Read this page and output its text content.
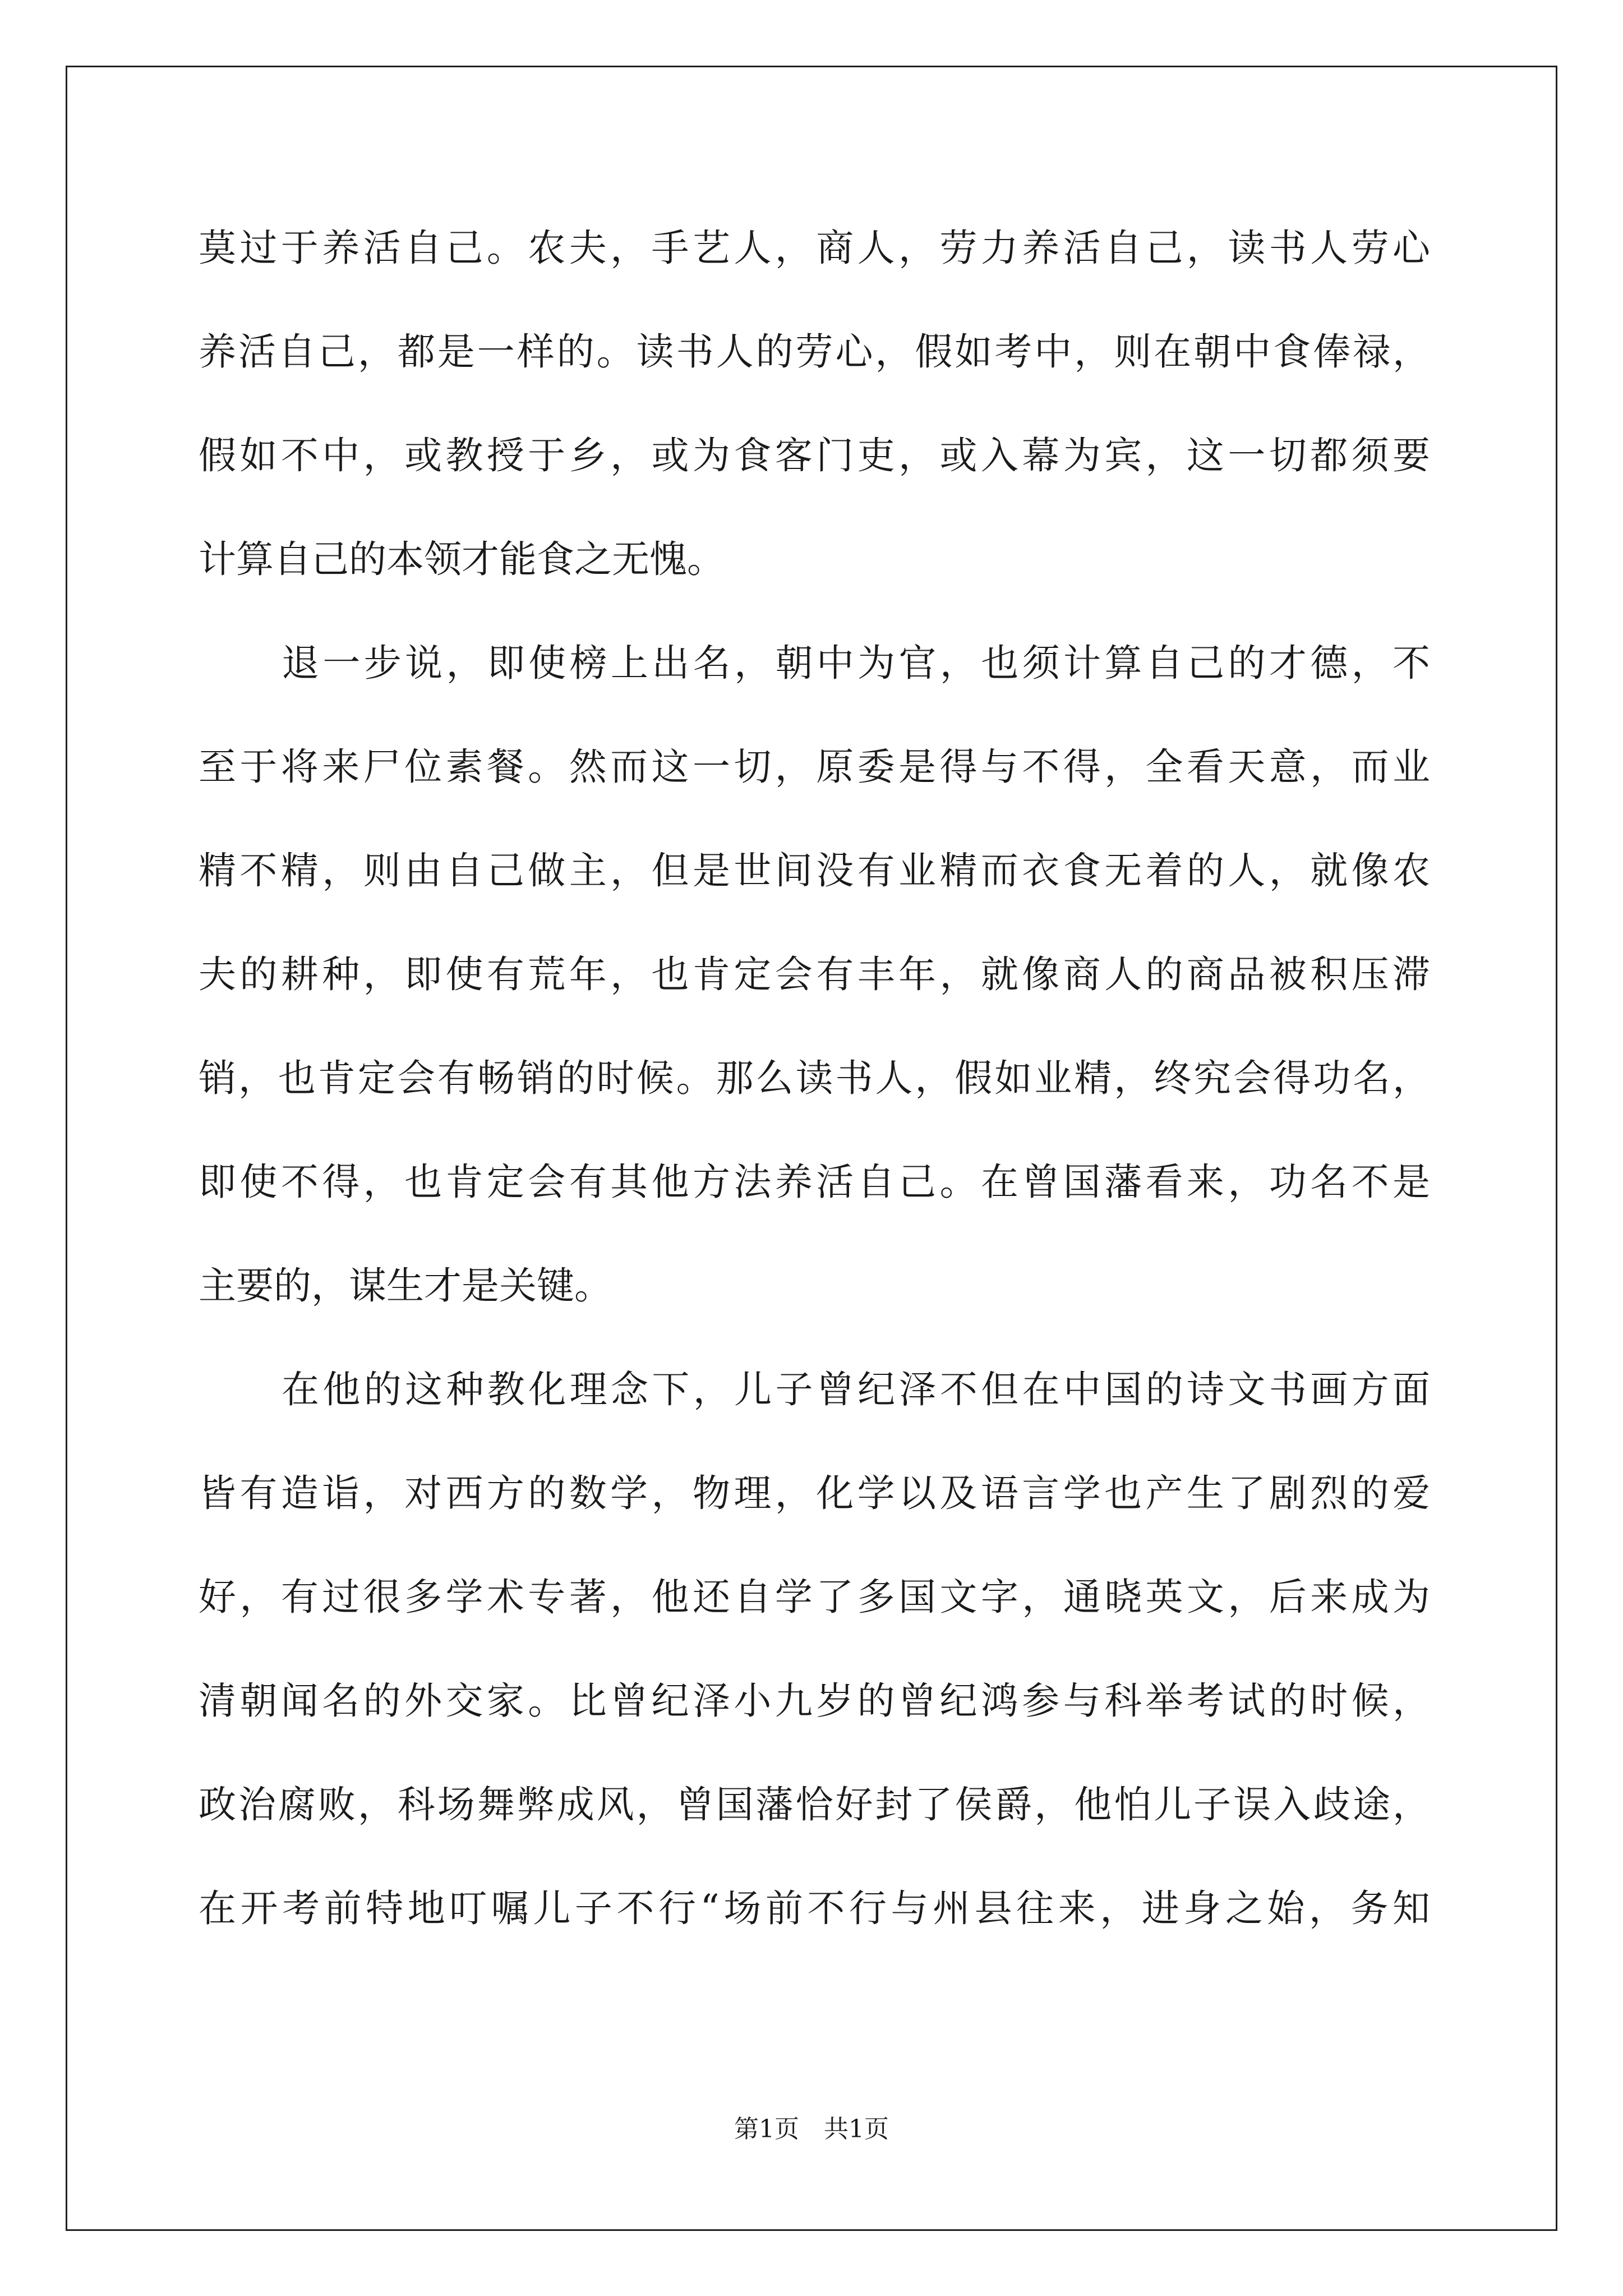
莫过于养活自己。农夫，手艺人，商人，劳力养活自己，读书人劳心
养活自己，都是一样的。读书人的劳心，假如考中，则在朝中食俸禄，
假如不中，或教授于乡，或为食客门吏，或入幕为宾，这一切都须要
计算自己的本领才能食之无愧。
退一步说，即使榜上出名，朝中为官，也须计算自己的才德，不
至于将来尸位素餐。然而这一切，原委是得与不得，全看天意，而业
精不精，则由自己做主，但是世间没有业精而衣食无着的人，就像农
夫的耕种，即使有荒年，也肯定会有丰年，就像商人的商品被积压滞
销，也肯定会有畅销的时候。那么读书人，假如业精，终究会得功名，
即使不得，也肯定会有其他方法养活自己。在曾国藩看来，功名不是
主要的，谋生才是关键。
在他的这种教化理念下，儿子曾纪泽不但在中国的诗文书画方面
皆有造诣，对西方的数学，物理，化学以及语言学也产生了剧烈的爱
好，有过很多学术专著，他还自学了多国文字，通晓英文，后来成为
清朝闻名的外交家。比曾纪泽小九岁的曾纪鸿参与科举考试的时候，
政治腐败，科场舞弊成风，曾国藩恰好封了侯爵，他怕儿子误入歧途，
在开考前特地叮嘱儿子不行“场前不行与州县往来，进身之始，务知
第1页 共1页
